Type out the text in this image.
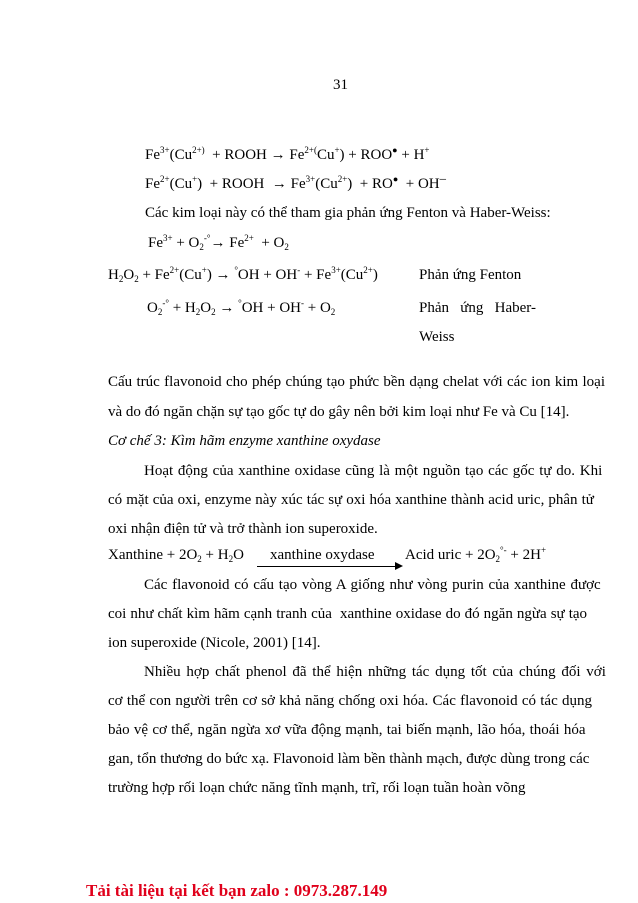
31
$Fe^{3+}(Cu^{2+)}$  + ROOH → $Fe^{2+(}Cu^+) + ROO^● + H^+$
$Fe^{2+}(Cu^+)$  + ROOH  → $Fe^{3+}(Cu^{2+}) + RO^● + OH^─$
Các kim loại này có thể tham gia phản ứng Fenton và Haber-Weiss:
$Fe^{3+} + O_2^{-^\circ}\to Fe^{2+} + O_2$
$H_2O_2 + Fe^{2+}(Cu^+) \to ^\circ OH + OH^- + Fe^{3+}(Cu^{2+})$	Phản ứng Fenton
$O_2^{-^\circ} + H_2O_2 \to ^\circ OH + OH^- + O_2$	Phản   ứng   Haber-
Weiss
Cấu trúc flavonoid cho phép chúng tạo phức bền dạng chelat với các ion kim loại
và do đó ngăn chặn sự tạo gốc tự do gây nên bởi kim loại như Fe và Cu [14].
Cơ chế 3: Kìm hãm enzyme xanthine oxydase
Hoạt động của xanthine oxidase cũng là một nguồn tạo các gốc tự do. Khi
có mặt của oxi, enzyme này xúc tác sự oxi hóa xanthine thành acid uric, phân tử
oxi nhận điện tử và trở thành ion superoxide.
Xanthine + $2O_2 + H_2O$ xanthine oxydase Acid uric + $2O_2^{^\circ-} + 2H^+$
Các flavonoid có cấu tạo vòng A giống như vòng purin của xanthine được
coi như chất kìm hãm cạnh tranh của  xanthine oxidase do đó ngăn ngừa sự tạo
ion superoxide (Nicole, 2001) [14].
Nhiều hợp chất phenol đã thể hiện những tác dụng tốt của chúng đối với
cơ thể con người trên cơ sở khả năng chống oxi hóa. Các flavonoid có tác dụng
bảo vệ cơ thể, ngăn ngừa xơ vữa động mạnh, tai biến mạnh, lão hóa, thoái hóa
gan, tổn thương do bức xạ. Flavonoid làm bền thành mạch, được dùng trong các
trường hợp rối loạn chức năng tĩnh mạnh, trĩ, rối loạn tuần hoàn võng
Tải tài liệu tại kết bạn zalo : 0973.287.149
